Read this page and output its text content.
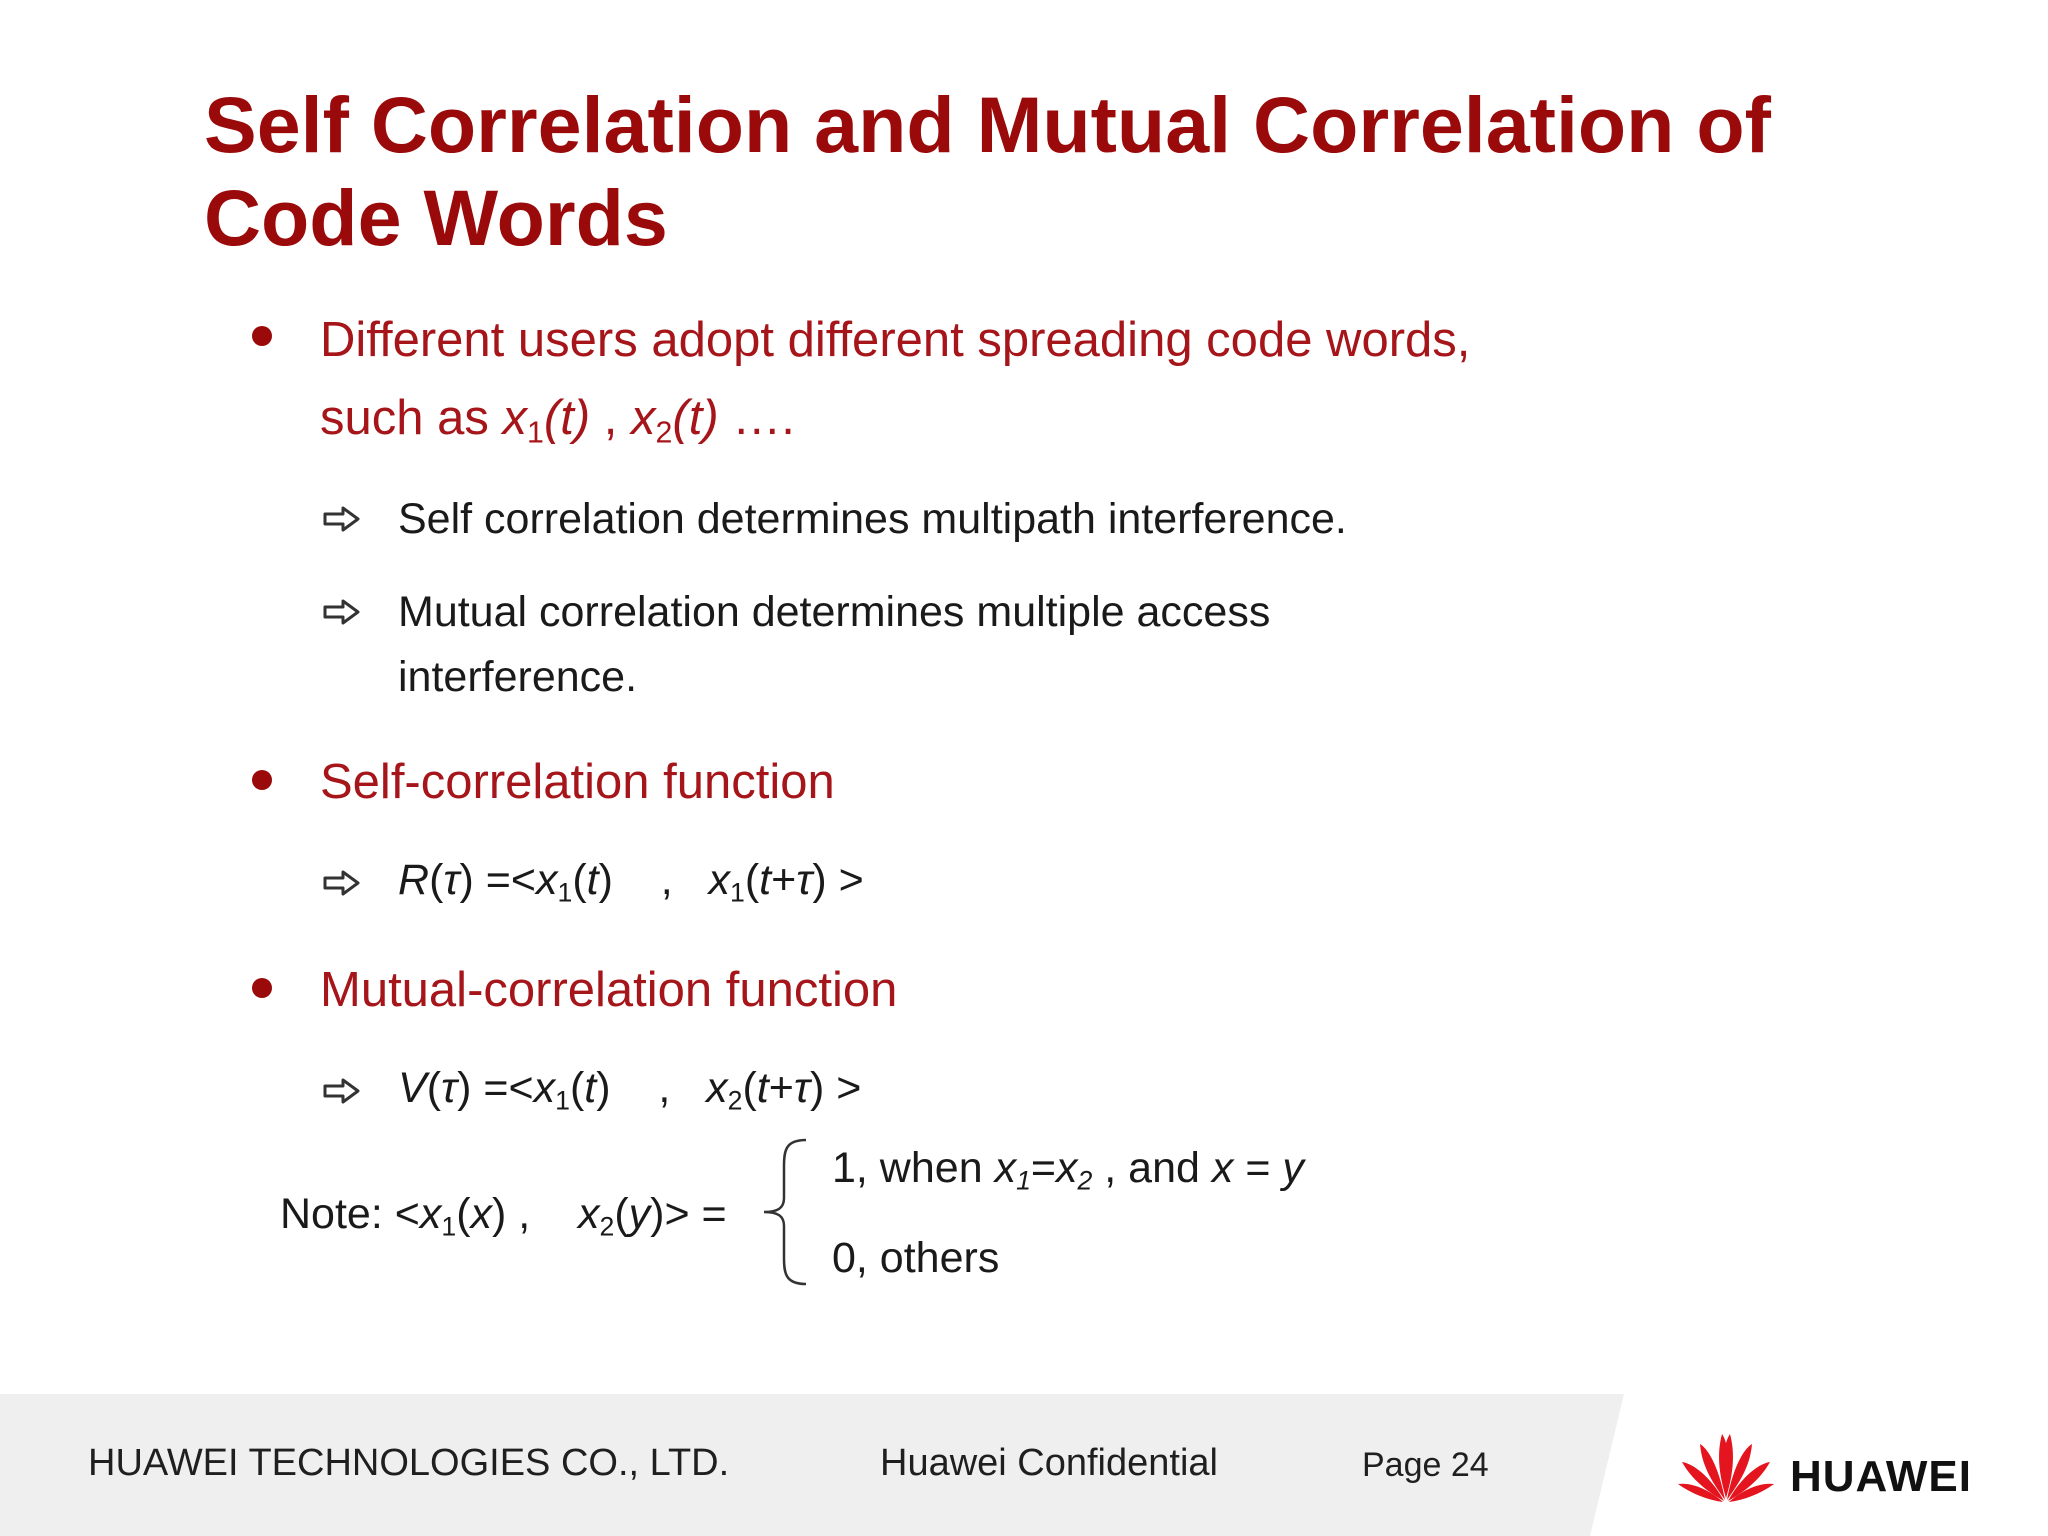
Self Correlation and Mutual Correlation of
Code Words
Different users adopt different spreading code words,
such as $x_1(t)$ , $x_2(t)$ ….
Self correlation determines multipath interference.
Mutual correlation determines multiple access
interference.
Self-correlation function
$R(\tau) =<x_1(t)$    ,   $x_1(t+\tau)$ >
Mutual-correlation function
$V(\tau) =<x_1(t)$    ,   $x_2(t+\tau)$ >
Note: $<x_1(x)$ ,    $x_2(y)>$ =
1, when x1=x2 , and x = y
0, others
HUAWEI TECHNOLOGIES CO., LTD.	Huawei Confidential	Page 24	HUAWEI
